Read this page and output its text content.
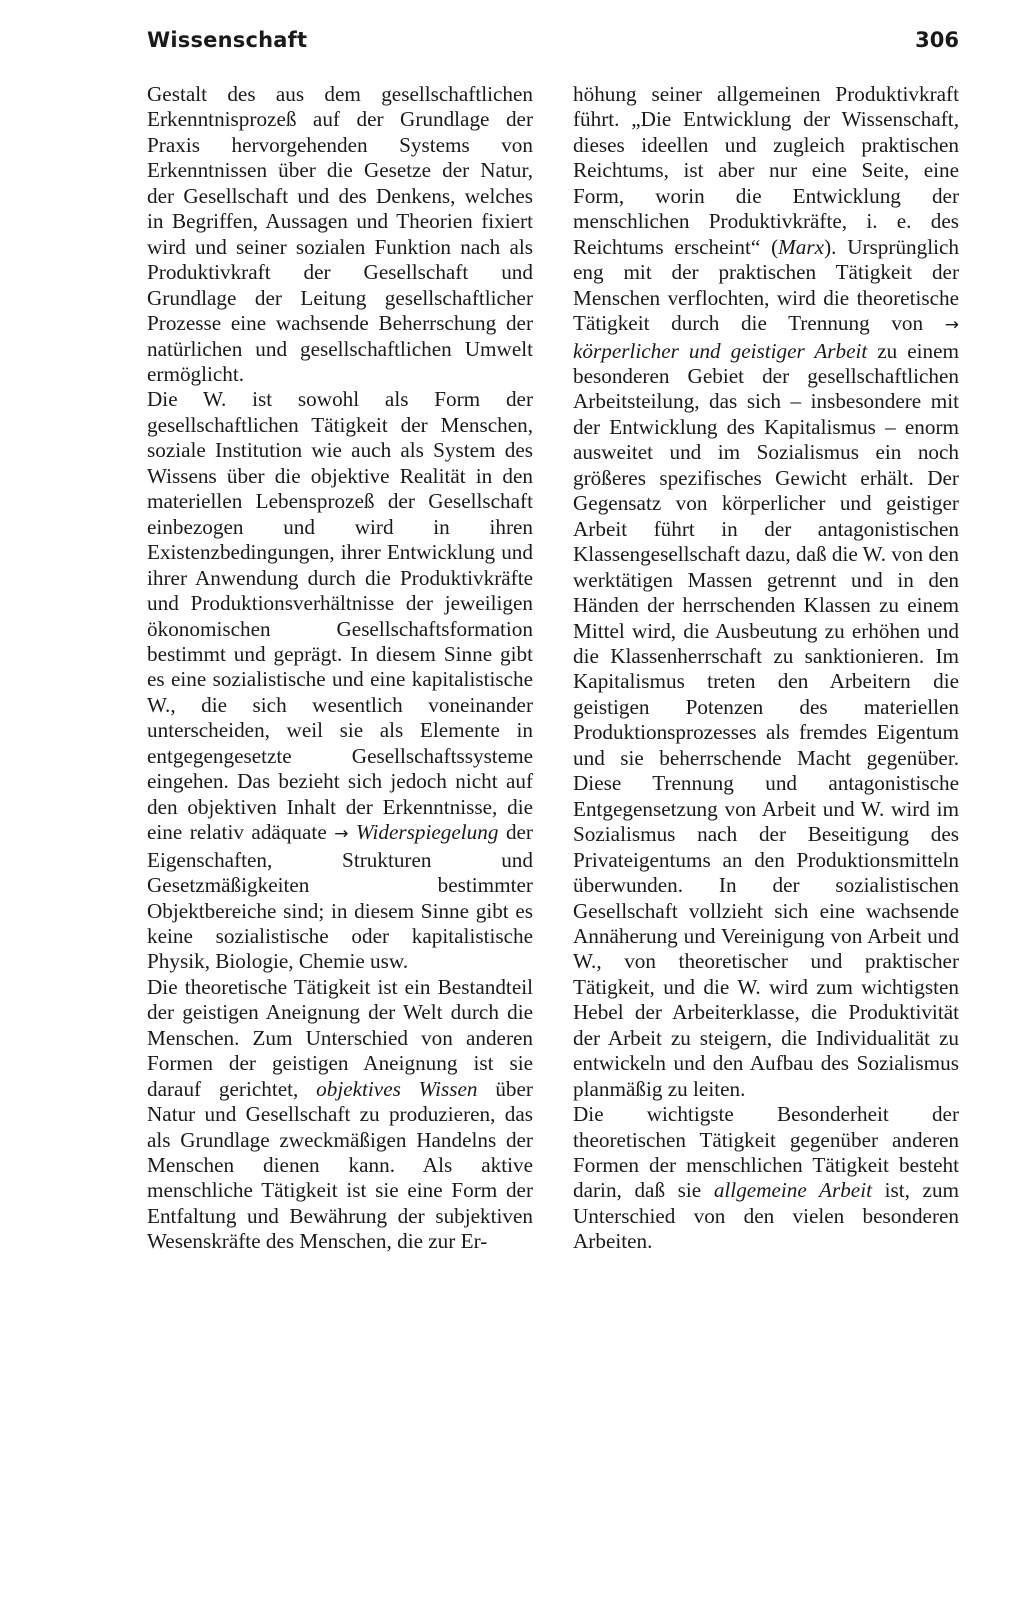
Wissenschaft	306

Gestalt des aus dem gesellschaftlichen Erkenntnisprozeß auf der Grundlage der Praxis hervorgehenden Systems von Erkenntnissen über die Gesetze der Natur, der Gesellschaft und des Denkens, welches in Begriffen, Aussagen und Theorien fixiert wird und seiner sozialen Funktion nach als Produktivkraft der Gesellschaft und Grundlage der Leitung gesellschaftlicher Prozesse eine wachsende Beherrschung der natürlichen und gesellschaftlichen Umwelt ermöglicht.

Die W. ist sowohl als Form der gesellschaftlichen Tätigkeit der Menschen, soziale Institution wie auch als System des Wissens über die objektive Realität in den materiellen Lebensprozeß der Gesellschaft einbezogen und wird in ihren Existenzbedingungen, ihrer Entwicklung und ihrer Anwendung durch die Produktivkräfte und Produktionsverhältnisse der jeweiligen ökonomischen Gesellschaftsformation bestimmt und geprägt. In diesem Sinne gibt es eine sozialistische und eine kapitalistische W., die sich wesentlich voneinander unterscheiden, weil sie als Elemente in entgegengesetzte Gesellschaftssysteme eingehen. Das bezieht sich jedoch nicht auf den objektiven Inhalt der Erkenntnisse, die eine relativ adäquate → Widerspiegelung der Eigenschaften, Strukturen und Gesetzmäßigkeiten bestimmter Objektbereiche sind; in diesem Sinne gibt es keine sozialistische oder kapitalistische Physik, Biologie, Chemie usw.

Die theoretische Tätigkeit ist ein Bestandteil der geistigen Aneignung der Welt durch die Menschen. Zum Unterschied von anderen Formen der geistigen Aneignung ist sie darauf gerichtet, objektives Wissen über Natur und Gesellschaft zu produzieren, das als Grundlage zweckmäßigen Handelns der Menschen dienen kann. Als aktive menschliche Tätigkeit ist sie eine Form der Entfaltung und Bewährung der subjektiven Wesenskräfte des Menschen, die zur Er-

höhung seiner allgemeinen Produktivkraft führt. „Die Entwicklung der Wissenschaft, dieses ideellen und zugleich praktischen Reichtums, ist aber nur eine Seite, eine Form, worin die Entwicklung der menschlichen Produktivkräfte, i. e. des Reichtums erscheint“ (Marx). Ursprünglich eng mit der praktischen Tätigkeit der Menschen verflochten, wird die theoretische Tätigkeit durch die Trennung von → körperlicher und geistiger Arbeit zu einem besonderen Gebiet der gesellschaftlichen Arbeitsteilung, das sich – insbesondere mit der Entwicklung des Kapitalismus – enorm ausweitet und im Sozialismus ein noch größeres spezifisches Gewicht erhält. Der Gegensatz von körperlicher und geistiger Arbeit führt in der antagonistischen Klassengesellschaft dazu, daß die W. von den werktätigen Massen getrennt und in den Händen der herrschenden Klassen zu einem Mittel wird, die Ausbeutung zu erhöhen und die Klassenherrschaft zu sanktionieren. Im Kapitalismus treten den Arbeitern die geistigen Potenzen des materiellen Produktionsprozesses als fremdes Eigentum und sie beherrschende Macht gegenüber. Diese Trennung und antagonistische Entgegensetzung von Arbeit und W. wird im Sozialismus nach der Beseitigung des Privateigentums an den Produktionsmitteln überwunden. In der sozialistischen Gesellschaft vollzieht sich eine wachsende Annäherung und Vereinigung von Arbeit und W., von theoretischer und praktischer Tätigkeit, und die W. wird zum wichtigsten Hebel der Arbeiterklasse, die Produktivität der Arbeit zu steigern, die Individualität zu entwickeln und den Aufbau des Sozialismus planmäßig zu leiten.

Die wichtigste Besonderheit der theoretischen Tätigkeit gegenüber anderen Formen der menschlichen Tätigkeit besteht darin, daß sie allgemeine Arbeit ist, zum Unterschied von den vielen besonderen Arbeiten.
